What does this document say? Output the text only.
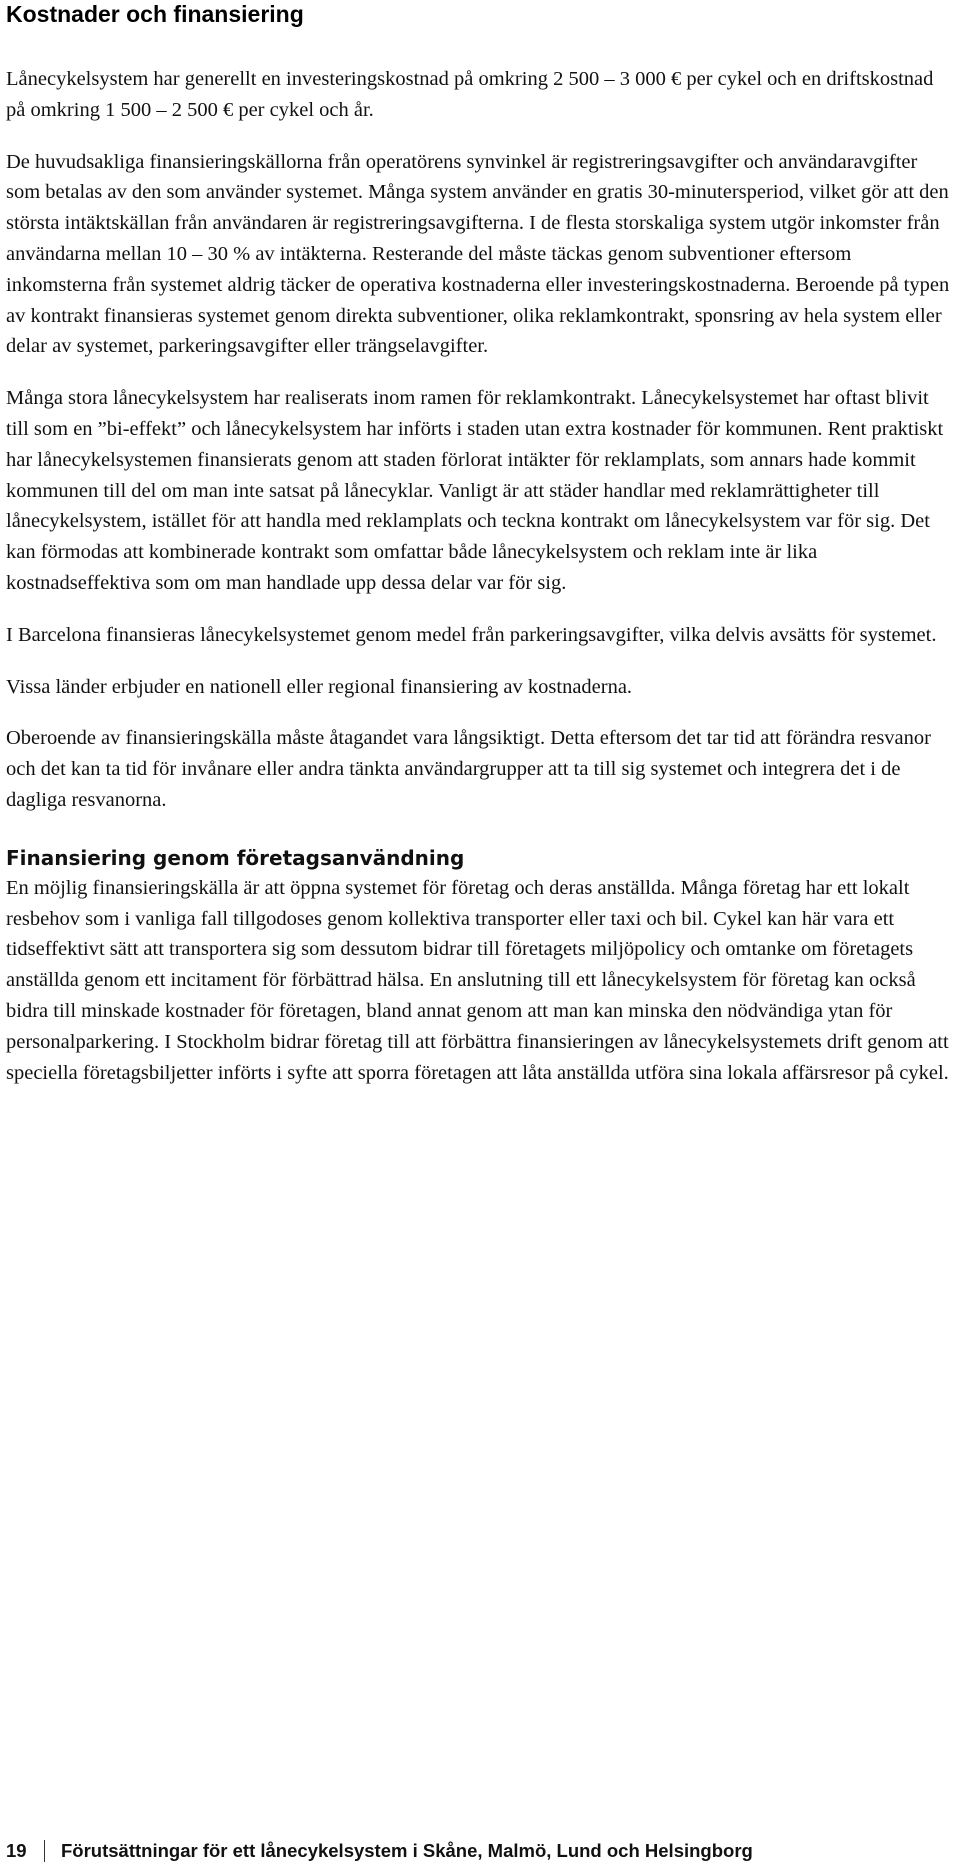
Kostnader och finansiering

Lånecykelsystem har generellt en investeringskostnad på omkring 2 500 – 3 000 € per cykel och en driftskostnad på omkring 1 500 – 2 500 € per cykel och år.

De huvudsakliga finansieringskällorna från operatörens synvinkel är registreringsavgifter och användaravgifter som betalas av den som använder systemet. Många system använder en gratis 30-minutersperiod, vilket gör att den största intäktskällan från användaren är registreringsavgifterna. I de flesta storskaliga system utgör inkomster från användarna mellan 10 – 30 % av intäkterna. Resterande del måste täckas genom subventioner eftersom inkomsterna från systemet aldrig täcker de operativa kostnaderna eller investeringskostnaderna. Beroende på typen av kontrakt finansieras systemet genom direkta subventioner, olika reklamkontrakt, sponsring av hela system eller delar av systemet, parkeringsavgifter eller trängselavgifter.

Många stora lånecykelsystem har realiserats inom ramen för reklamkontrakt. Lånecykelsystemet har oftast blivit till som en ”bi-effekt” och lånecykelsystem har införts i staden utan extra kostnader för kommunen. Rent praktiskt har lånecykelsystemen finansierats genom att staden förlorat intäkter för reklamplats, som annars hade kommit kommunen till del om man inte satsat på lånecyklar. Vanligt är att städer handlar med reklamrättigheter till lånecykelsystem, istället för att handla med reklamplats och teckna kontrakt om lånecykelsystem var för sig. Det kan förmodas att kombinerade kontrakt som omfattar både lånecykelsystem och reklam inte är lika kostnadseffektiva som om man handlade upp dessa delar var för sig.

I Barcelona finansieras lånecykelsystemet genom medel från parkeringsavgifter, vilka delvis avsätts för systemet.

Vissa länder erbjuder en nationell eller regional finansiering av kostnaderna.

Oberoende av finansieringskälla måste åtagandet vara långsiktigt. Detta eftersom det tar tid att förändra resvanor och det kan ta tid för invånare eller andra tänkta användargrupper att ta till sig systemet och integrera det i de dagliga resvanorna.

Finansiering genom företagsanvändning

En möjlig finansieringskälla är att öppna systemet för företag och deras anställda. Många företag har ett lokalt resbehov som i vanliga fall tillgodoses genom kollektiva transporter eller taxi och bil. Cykel kan här vara ett tidseffektivt sätt att transportera sig som dessutom bidrar till företagets miljöpolicy och omtanke om företagets anställda genom ett incitament för förbättrad hälsa. En anslutning till ett lånecykelsystem för företag kan också bidra till minskade kostnader för företagen, bland annat genom att man kan minska den nödvändiga ytan för personalparkering. I Stockholm bidrar företag till att förbättra finansieringen av lånecykelsystemets drift genom att speciella företagsbiljetter införts i syfte att sporra företagen att låta anställda utföra sina lokala affärsresor på cykel.

19 Förutsättningar för ett lånecykelsystem i Skåne, Malmö, Lund och Helsingborg
